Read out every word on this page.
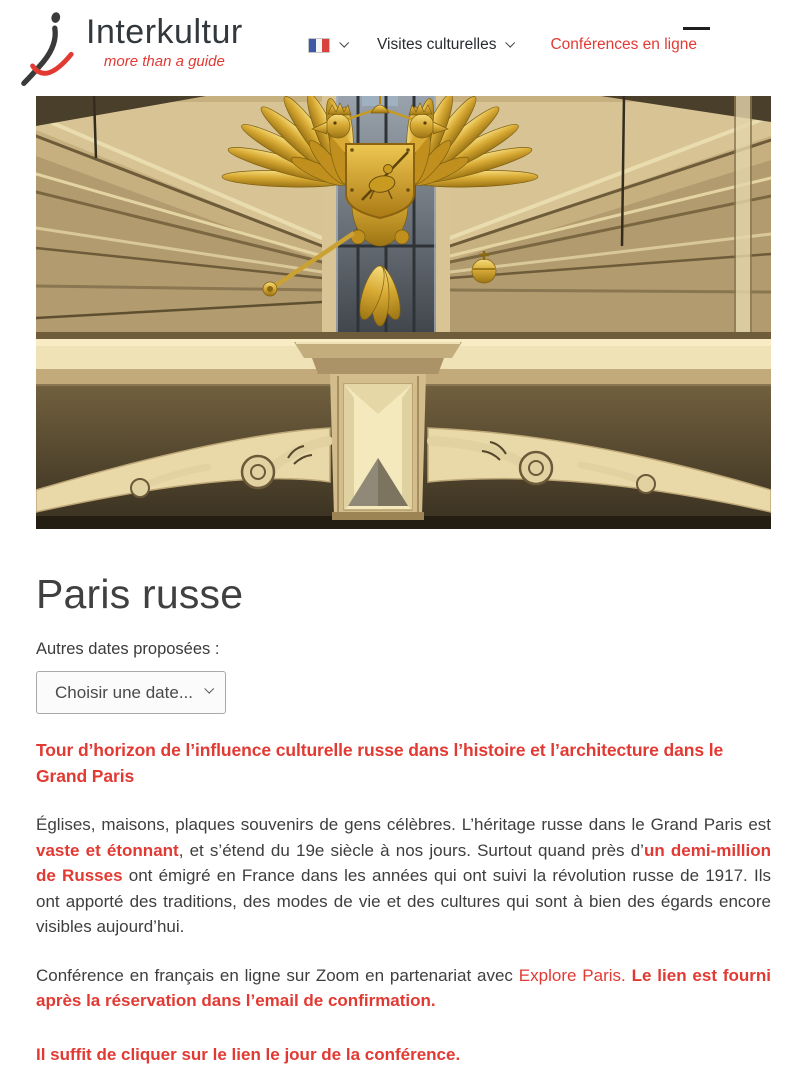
Interkultur
more than a guide
Visites culturelles	Conférences en ligne
Paris russe
Autres dates proposées :
Choisir une date...
Tour d’horizon de l’influence culturelle russe dans l’histoire et l’architecture dans le Grand Paris

Églises, maisons, plaques souvenirs de gens célèbres. L’héritage russe dans le Grand Paris est vaste et étonnant, et s’étend du 19e siècle à nos jours. Surtout quand près d’un demi-million de Russes ont émigré en France dans les années qui ont suivi la révolution russe de 1917. Ils ont apporté des traditions, des modes de vie et des cultures qui sont à bien des égards encore visibles aujourd’hui.

Conférence en français en ligne sur Zoom en partenariat avec Explore Paris. Le lien est fourni après la réservation dans l’email de confirmation.

Il suffit de cliquer sur le lien le jour de la conférence.
